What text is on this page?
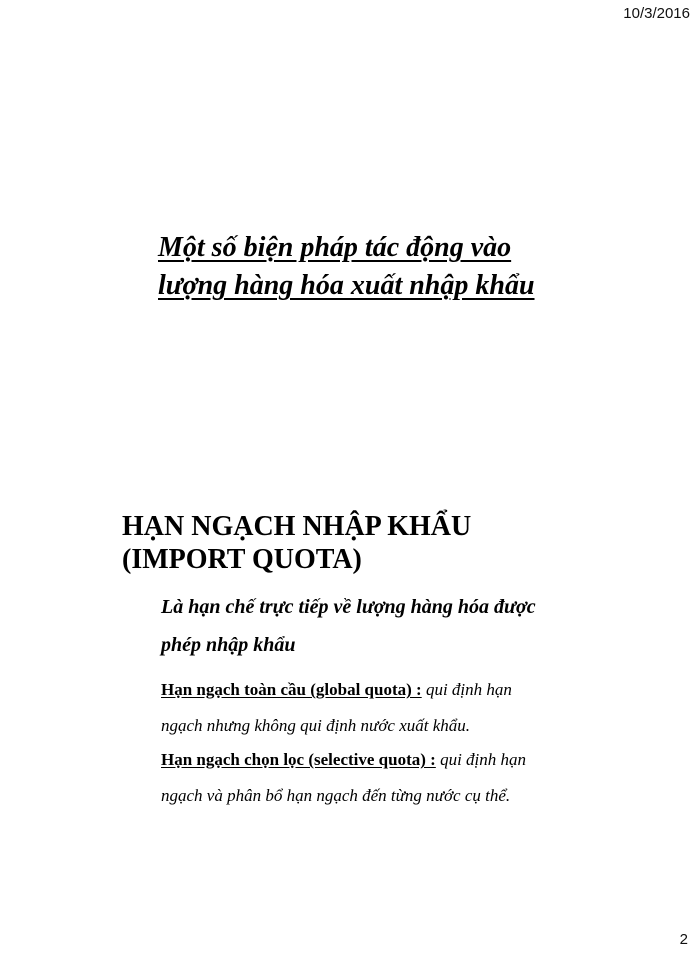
10/3/2016
Một số biện pháp tác động vào
lượng hàng hóa xuất nhập khẩu
HẠN NGẠCH NHẬP KHẨU
(IMPORT QUOTA)
Là hạn chế trực tiếp về lượng hàng hóa được
phép nhập khẩu
Hạn ngạch toàn cầu (global quota) : qui định hạn
ngạch nhưng không qui định nước xuất khẩu.
Hạn ngạch chọn lọc (selective quota) : qui định hạn
ngạch và phân bổ hạn ngạch đến từng nước cụ thể.
2
